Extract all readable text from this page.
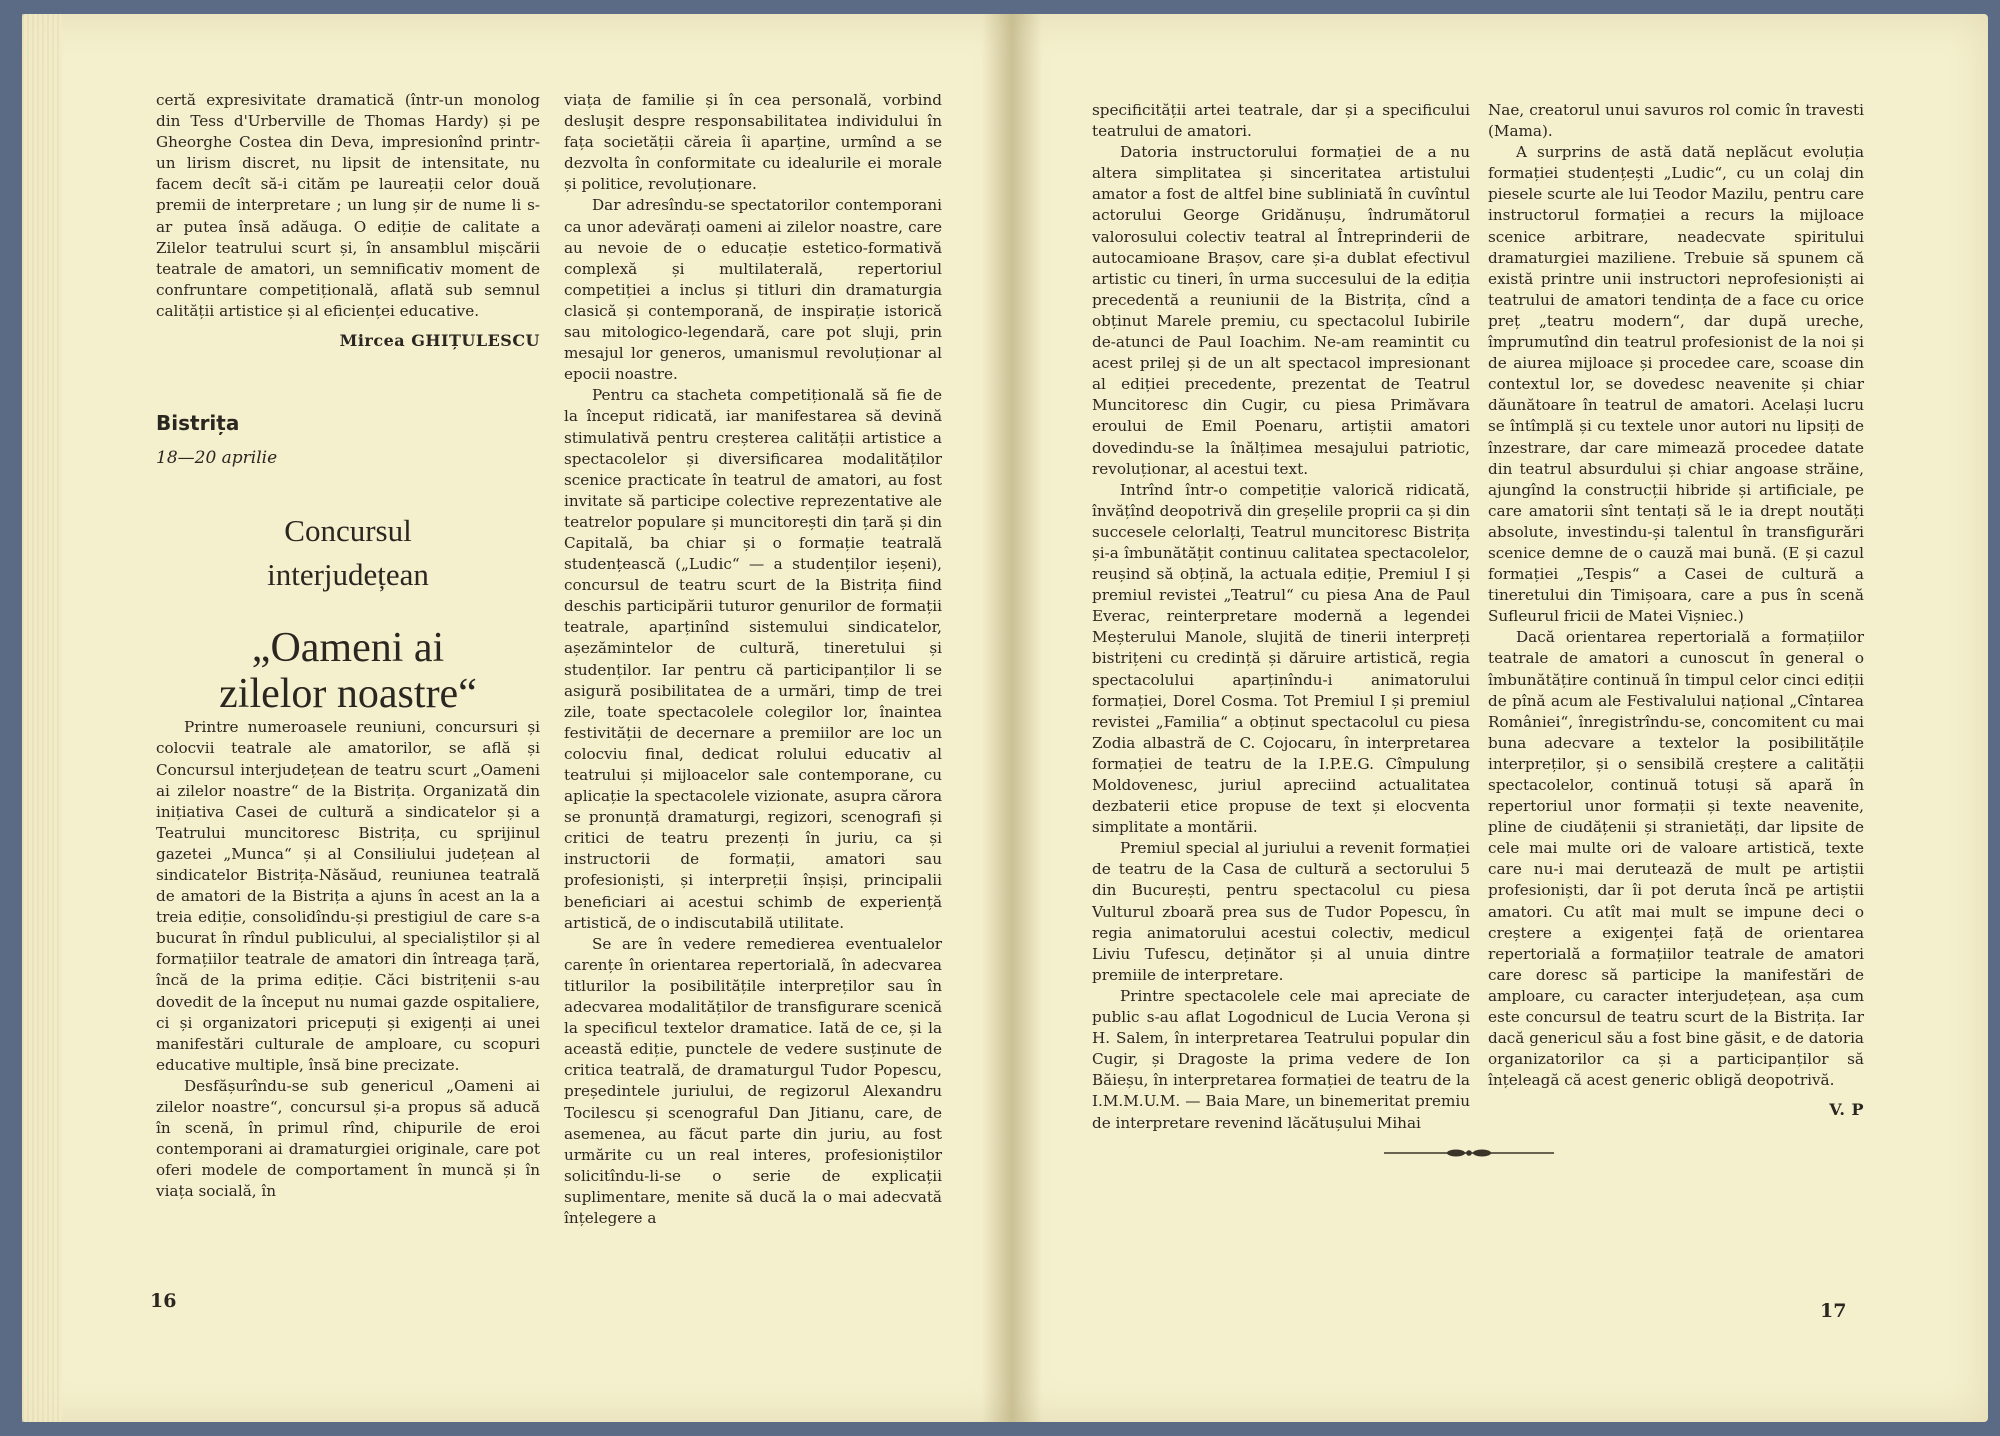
certă expresivitate dramatică (într-un monolog din Tess d'Urberville de Thomas Hardy) și pe Gheorghe Costea din Deva, impresionînd printr-un lirism discret, nu lipsit de intensitate, nu facem decît să-i cităm pe laureații celor două premii de interpretare ; un lung șir de nume li s-ar putea însă adăuga. O ediție de calitate a Zilelor teatrului scurt și, în ansamblul mișcării teatrale de amatori, un semnificativ moment de confruntare competițională, aflată sub semnul calității artistice și al eficienței educative.

Mircea GHIȚULESCU
Bistrița
18—20 aprilie
Concursul
interjudețean
„Oameni ai
zilelor noastre“

Printre numeroasele reuniuni, concursuri și colocvii teatrale ale amatorilor, se află și Concursul interjudețean de teatru scurt „Oameni ai zilelor noastre“ de la Bistrița. Organizată din inițiativa Casei de cultură a sindicatelor și a Teatrului muncitoresc Bistrița, cu sprijinul gazetei „Munca“ și al Consiliului județean al sindicatelor Bistrița-Năsăud, reuniunea teatrală de amatori de la Bistrița a ajuns în acest an la a treia ediție, consolidîndu-și prestigiul de care s-a bucurat în rîndul publicului, al specialiștilor și al formațiilor teatrale de amatori din întreaga țară, încă de la prima ediție. Căci bistrițenii s-au dovedit de la început nu numai gazde ospitaliere, ci și organizatori pricepuți și exigenți ai unei manifestări culturale de amploare, cu scopuri educative multiple, însă bine precizate.

Desfășurîndu-se sub genericul „Oameni ai zilelor noastre“, concursul și-a propus să aducă în scenă, în primul rînd, chipurile de eroi contemporani ai dramaturgiei originale, care pot oferi modele de comportament în muncă și în viața socială, în

viața de familie și în cea personală, vorbind desluşit despre responsabilitatea individului în fața societății căreia îi aparține, urmînd a se dezvolta în conformitate cu idealurile ei morale și politice, revoluționare.

Dar adresîndu-se spectatorilor contemporani ca unor adevărați oameni ai zilelor noastre, care au nevoie de o educație estetico-formativă complexă și multilaterală, repertoriul competiției a inclus și titluri din dramaturgia clasică și contemporană, de inspirație istorică sau mitologico-legendară, care pot sluji, prin mesajul lor generos, umanismul revoluționar al epocii noastre.

Pentru ca stacheta competițională să fie de la început ridicată, iar manifestarea să devină stimulativă pentru creșterea calității artistice a spectacolelor și diversificarea modalităților scenice practicate în teatrul de amatori, au fost invitate să participe colective reprezentative ale teatrelor populare și muncitorești din țară și din Capitală, ba chiar și o formație teatrală studențească („Ludic“ — a studenților ieșeni), concursul de teatru scurt de la Bistrița fiind deschis participării tuturor genurilor de formații teatrale, aparținînd sistemului sindicatelor, așezămintelor de cultură, tineretului și studenților. Iar pentru că participanților li se asigură posibilitatea de a urmări, timp de trei zile, toate spectacolele colegilor lor, înaintea festivității de decernare a premiilor are loc un colocviu final, dedicat rolului educativ al teatrului și mijloacelor sale contemporane, cu aplicație la spectacolele vizionate, asupra cărora se pronunță dramaturgi, regizori, scenografi și critici de teatru prezenți în juriu, ca și instructorii de formații, amatori sau profesioniști, și interpreții înșiși, principalii beneficiari ai acestui schimb de experiență artistică, de o indiscutabilă utilitate.

Se are în vedere remedierea eventualelor carențe în orientarea repertorială, în adecvarea titlurilor la posibilitățile interpreților sau în adecvarea modalităților de transfigurare scenică la specificul textelor dramatice. Iată de ce, și la această ediție, punctele de vedere susținute de critica teatrală, de dramaturgul Tudor Popescu, președintele juriului, de regizorul Alexandru Tocilescu și scenograful Dan Jitianu, care, de asemenea, au făcut parte din juriu, au fost urmărite cu un real interes, profesioniștilor solicitîndu-li-se o serie de explicații suplimentare, menite să ducă la o mai adecvată înțelegere a

16

specificității artei teatrale, dar și a specificului teatrului de amatori.

Datoria instructorului formației de a nu altera simplitatea și sinceritatea artistului amator a fost de altfel bine subliniată în cuvîntul actorului George Gridănușu, îndrumătorul valorosului colectiv teatral al Întreprinderii de autocamioane Brașov, care și-a dublat efectivul artistic cu tineri, în urma succesului de la ediția precedentă a reuniunii de la Bistrița, cînd a obținut Marele premiu, cu spectacolul Iubirile de-atunci de Paul Ioachim. Ne-am reamintit cu acest prilej și de un alt spectacol impresionant al ediției precedente, prezentat de Teatrul Muncitoresc din Cugir, cu piesa Primăvara eroului de Emil Poenaru, artiștii amatori dovedindu-se la înălțimea mesajului patriotic, revoluționar, al acestui text.

Intrînd într-o competiție valorică ridicată, învățînd deopotrivă din greșelile proprii ca și din succesele celorlalți, Teatrul muncitoresc Bistrița și-a îmbunătățit continuu calitatea spectacolelor, reușind să obțină, la actuala ediție, Premiul I și premiul revistei „Teatrul“ cu piesa Ana de Paul Everac, reinterpretare modernă a legendei Meșterului Manole, slujită de tinerii interpreți bistrițeni cu credință și dăruire artistică, regia spectacolului aparținîndu-i animatorului formației, Dorel Cosma. Tot Premiul I și premiul revistei „Familia“ a obținut spectacolul cu piesa Zodia albastră de C. Cojocaru, în interpretarea formației de teatru de la I.P.E.G. Cîmpulung Moldovenesc, juriul apreciind actualitatea dezbaterii etice propuse de text și elocventa simplitate a montării.

Premiul special al juriului a revenit formației de teatru de la Casa de cultură a sectorului 5 din București, pentru spectacolul cu piesa Vulturul zboară prea sus de Tudor Popescu, în regia animatorului acestui colectiv, medicul Liviu Tufescu, deținător și al unuia dintre premiile de interpretare.

Printre spectacolele cele mai apreciate de public s-au aflat Logodnicul de Lucia Verona și H. Salem, în interpretarea Teatrului popular din Cugir, și Dragoste la prima vedere de Ion Băieșu, în interpretarea formației de teatru de la I.M.M.U.M. — Baia Mare, un binemeritat premiu de interpretare revenind lăcătușului Mihai

Nae, creatorul unui savuros rol comic în travesti (Mama).

A surprins de astă dată neplăcut evoluția formației studențești „Ludic“, cu un colaj din piesele scurte ale lui Teodor Mazilu, pentru care instructorul formației a recurs la mijloace scenice arbitrare, neadecvate spiritului dramaturgiei maziliene. Trebuie să spunem că există printre unii instructori neprofesioniști ai teatrului de amatori tendința de a face cu orice preț „teatru modern“, dar după ureche, împrumutînd din teatrul profesionist de la noi și de aiurea mijloace și procedee care, scoase din contextul lor, se dovedesc neavenite și chiar dăunătoare în teatrul de amatori. Același lucru se întîmplă și cu textele unor autori nu lipsiți de înzestrare, dar care mimează procedee datate din teatrul absurdului și chiar angoase străine, ajungînd la construcții hibride și artificiale, pe care amatorii sînt tentați să le ia drept noutăți absolute, investindu-și talentul în transfigurări scenice demne de o cauză mai bună. (E și cazul formației „Tespis“ a Casei de cultură a tineretului din Timișoara, care a pus în scenă Sufleurul fricii de Matei Vișniec.)

Dacă orientarea repertorială a formațiilor teatrale de amatori a cunoscut în general o îmbunătățire continuă în timpul celor cinci ediții de pînă acum ale Festivalului național „Cîntarea României“, înregistrîndu-se, concomitent cu mai buna adecvare a textelor la posibilitățile interpreților, și o sensibilă creștere a calității spectacolelor, continuă totuși să apară în repertoriul unor formații și texte neavenite, pline de ciudățenii și stranietăți, dar lipsite de cele mai multe ori de valoare artistică, texte care nu-i mai derutează de mult pe artiștii profesioniști, dar îi pot deruta încă pe artiștii amatori. Cu atît mai mult se impune deci o creștere a exigenței față de orientarea repertorială a formațiilor teatrale de amatori care doresc să participe la manifestări de amploare, cu caracter interjudețean, așa cum este concursul de teatru scurt de la Bistrița. Iar dacă genericul său a fost bine găsit, e de datoria organizatorilor ca și a participanților să înțeleagă că acest generic obligă deopotrivă.

V. P
17
